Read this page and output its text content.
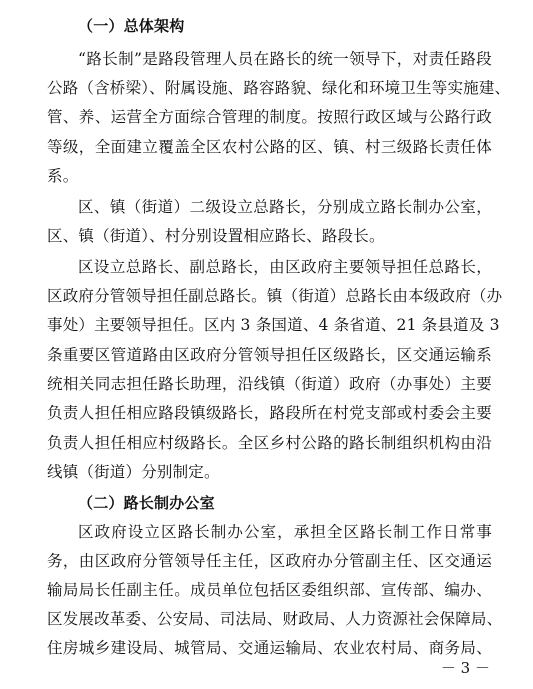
（一）总体架构
“路长制”是路段管理人员在路长的统一领导下，对责任路段
公路（含桥梁）、附属设施、路容路貌、绿化和环境卫生等实施建、
管、养、运营全方面综合管理的制度。按照行政区域与公路行政
等级，全面建立覆盖全区农村公路的区、镇、村三级路长责任体
系。
区、镇（街道）二级设立总路长，分别成立路长制办公室，
区、镇（街道）、村分别设置相应路长、路段长。
区设立总路长、副总路长，由区政府主要领导担任总路长，
区政府分管领导担任副总路长。镇（街道）总路长由本级政府（办
事处）主要领导担任。区内 3 条国道、4 条省道、21 条县道及 3
条重要区管道路由区政府分管领导担任区级路长，区交通运输系
统相关同志担任路长助理，沿线镇（街道）政府（办事处）主要
负责人担任相应路段镇级路长，路段所在村党支部或村委会主要
负责人担任相应村级路长。全区乡村公路的路长制组织机构由沿
线镇（街道）分别制定。
（二）路长制办公室
区政府设立区路长制办公室，承担全区路长制工作日常事
务，由区政府分管领导任主任，区政府办分管副主任、区交通运
输局局长任副主任。成员单位包括区委组织部、宣传部、编办、
区发展改革委、公安局、司法局、财政局、人力资源社会保障局、
住房城乡建设局、城管局、交通运输局、农业农村局、商务局、
－ 3 －
